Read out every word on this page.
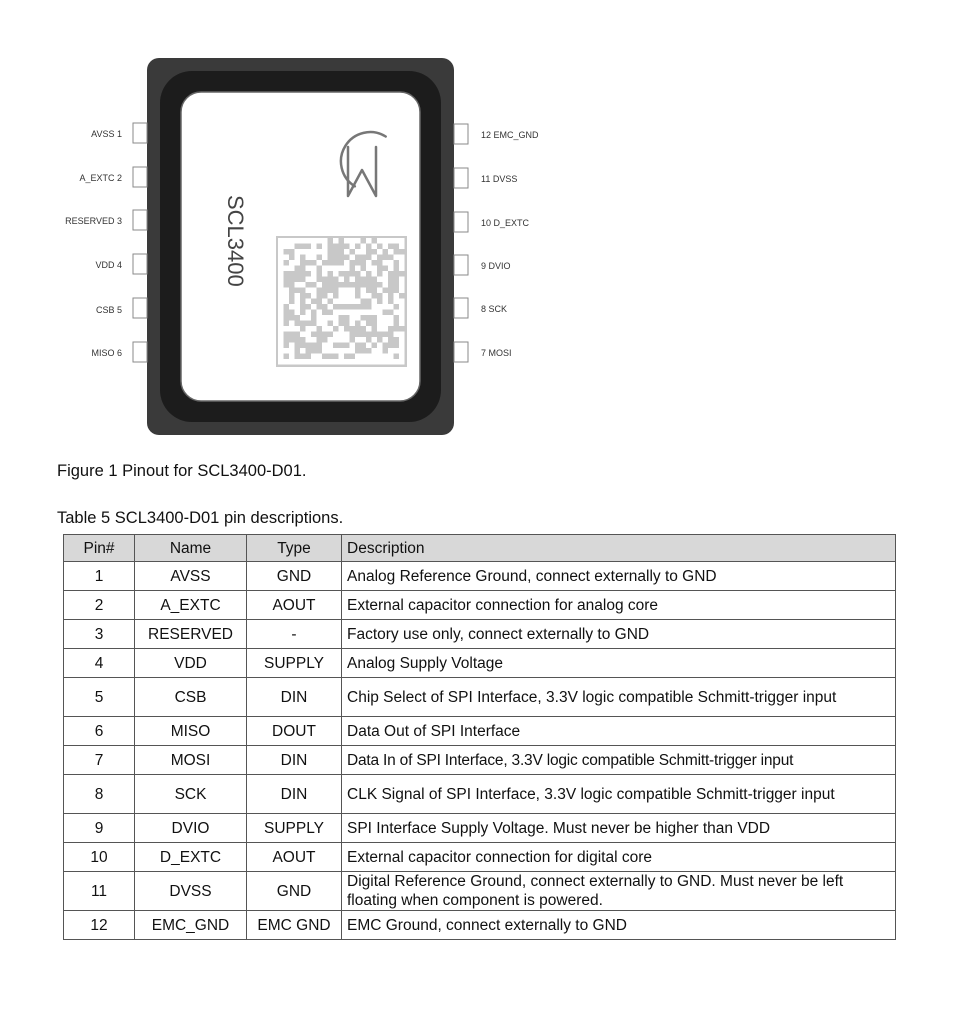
AVSS 1
A_EXTC 2
RESERVED 3
VDD 4
CSB 5
MISO 6
12 EMC_GND
11 DVSS
10 D_EXTC
9 DVIO
8 SCK
7 MOSI
SCL3400
Figure 1 Pinout for SCL3400-D01.
Table 5 SCL3400-D01 pin descriptions.
Pin#	Name	Type	Description
1	AVSS	GND	Analog Reference Ground, connect externally to GND
2	A_EXTC	AOUT	External capacitor connection for analog core
3	RESERVED	-	Factory use only, connect externally to GND
4	VDD	SUPPLY	Analog Supply Voltage
5	CSB	DIN	Chip Select of SPI Interface, 3.3V logic compatible Schmitt-trigger input
6	MISO	DOUT	Data Out of SPI Interface
7	MOSI	DIN	Data In of SPI Interface, 3.3V logic compatible Schmitt-trigger input
8	SCK	DIN	CLK Signal of SPI Interface, 3.3V logic compatible Schmitt-trigger input
9	DVIO	SUPPLY	SPI Interface Supply Voltage. Must never be higher than VDD
10	D_EXTC	AOUT	External capacitor connection for digital core
11	DVSS	GND	Digital Reference Ground, connect externally to GND. Must never be left floating when component is powered.
12	EMC_GND	EMC GND	EMC Ground, connect externally to GND
